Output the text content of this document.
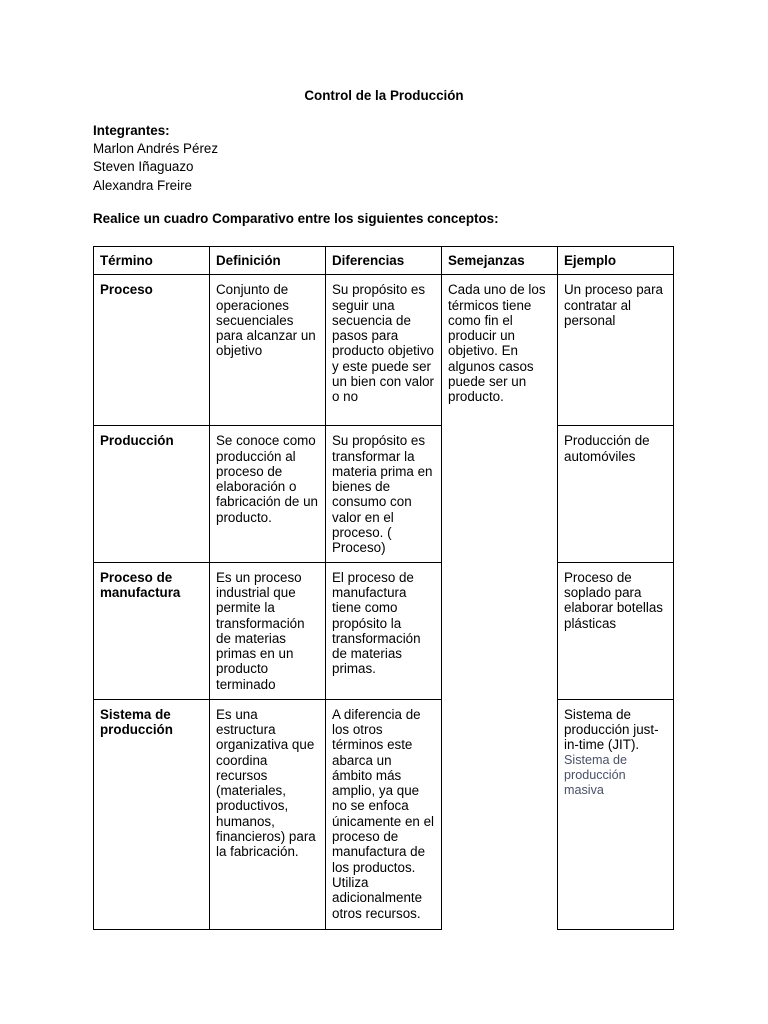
Control de la Producción
Integrantes:
Marlon Andrés Pérez
Steven Iñaguazo
Alexandra Freire
Realice un cuadro Comparativo entre los siguientes conceptos:
Término	Definición	Diferencias	Semejanzas	Ejemplo
Proceso	Conjunto de operaciones secuenciales para alcanzar un objetivo	Su propósito es seguir una secuencia de pasos para producto objetivo y este puede ser un bien con valor o no	Cada uno de los térmicos tiene como fin el producir un objetivo. En algunos casos puede ser un producto.	Un proceso para contratar al personal
Producción	Se conoce como producción al proceso de elaboración o fabricación de un producto.	Su propósito es transformar la materia prima en bienes de consumo con valor en el proceso. ( Proceso)		Producción de automóviles
Proceso de manufactura	Es un proceso industrial que permite la transformación de materias primas en un producto terminado	El proceso de manufactura tiene como propósito la transformación de materias primas.		Proceso de soplado para elaborar botellas plásticas
Sistema de producción	Es una estructura organizativa que coordina recursos (materiales, productivos, humanos, financieros) para la fabricación.	A diferencia de los otros términos este abarca un ámbito más amplio, ya que no se enfoca únicamente en el proceso de manufactura de los productos. Utiliza adicionalmente otros recursos.		Sistema de producción just-in-time (JIT).
Sistema de producción masiva
